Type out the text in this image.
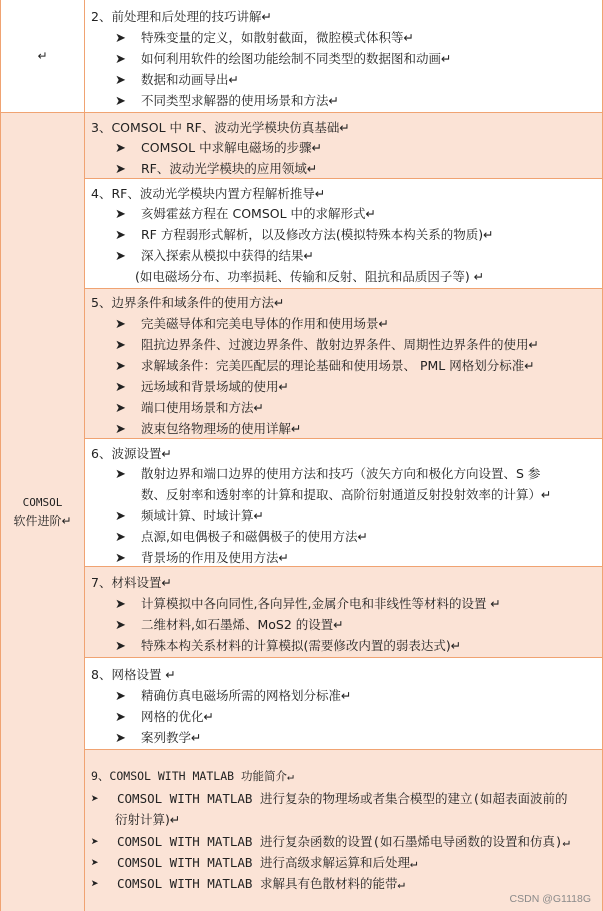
↵
COMSOL
软件进阶↵
2、前处理和后处理的技巧讲解↵
➤ 特殊变量的定义，如散射截面，微腔模式体积等↵
➤ 如何利用软件的绘图功能绘制不同类型的数据图和动画↵
➤ 数据和动画导出↵
➤ 不同类型求解器的使用场景和方法↵
3、COMSOL 中 RF、波动光学模块仿真基础↵
➤ COMSOL 中求解电磁场的步骤↵
➤ RF、波动光学模块的应用领域↵
4、RF、波动光学模块内置方程解析推导↵
➤ 亥姆霍兹方程在 COMSOL 中的求解形式↵
➤ RF 方程弱形式解析，以及修改方法(模拟特殊本构关系的物质)↵
➤ 深入探索从模拟中获得的结果↵
(如电磁场分布、功率损耗、传输和反射、阻抗和品质因子等) ↵
5、边界条件和域条件的使用方法↵
➤ 完美磁导体和完美电导体的作用和使用场景↵
➤ 阻抗边界条件、过渡边界条件、散射边界条件、周期性边界条件的使用↵
➤ 求解域条件：完美匹配层的理论基础和使用场景、 PML 网格划分标准↵
➤ 远场域和背景场域的使用↵
➤ 端口使用场景和方法↵
➤ 波束包络物理场的使用详解↵
6、波源设置↵
➤ 散射边界和端口边界的使用方法和技巧（波矢方向和极化方向设置、S 参
数、反射率和透射率的计算和提取、高阶衍射通道反射投射效率的计算）↵
➤ 频域计算、时域计算↵
➤ 点源,如电偶极子和磁偶极子的使用方法↵
➤ 背景场的作用及使用方法↵
7、材料设置↵
➤ 计算模拟中各向同性,各向异性,金属介电和非线性等材料的设置 ↵
➤ 二维材料,如石墨烯、MoS2 的设置↵
➤ 特殊本构关系材料的计算模拟(需要修改内置的弱表达式)↵
8、网格设置 ↵
➤ 精确仿真电磁场所需的网格划分标准↵
➤ 网格的优化↵
➤ 案列教学↵
9、COMSOL WITH MATLAB 功能简介↵
➤ COMSOL WITH MATLAB 进行复杂的物理场或者集合模型的建立(如超表面波前的
衍射计算)↵
➤ COMSOL WITH MATLAB 进行复杂函数的设置(如石墨烯电导函数的设置和仿真)↵
➤ COMSOL WITH MATLAB 进行高级求解运算和后处理↵
➤ COMSOL WITH MATLAB 求解具有色散材料的能带↵
CSDN @G1118G
